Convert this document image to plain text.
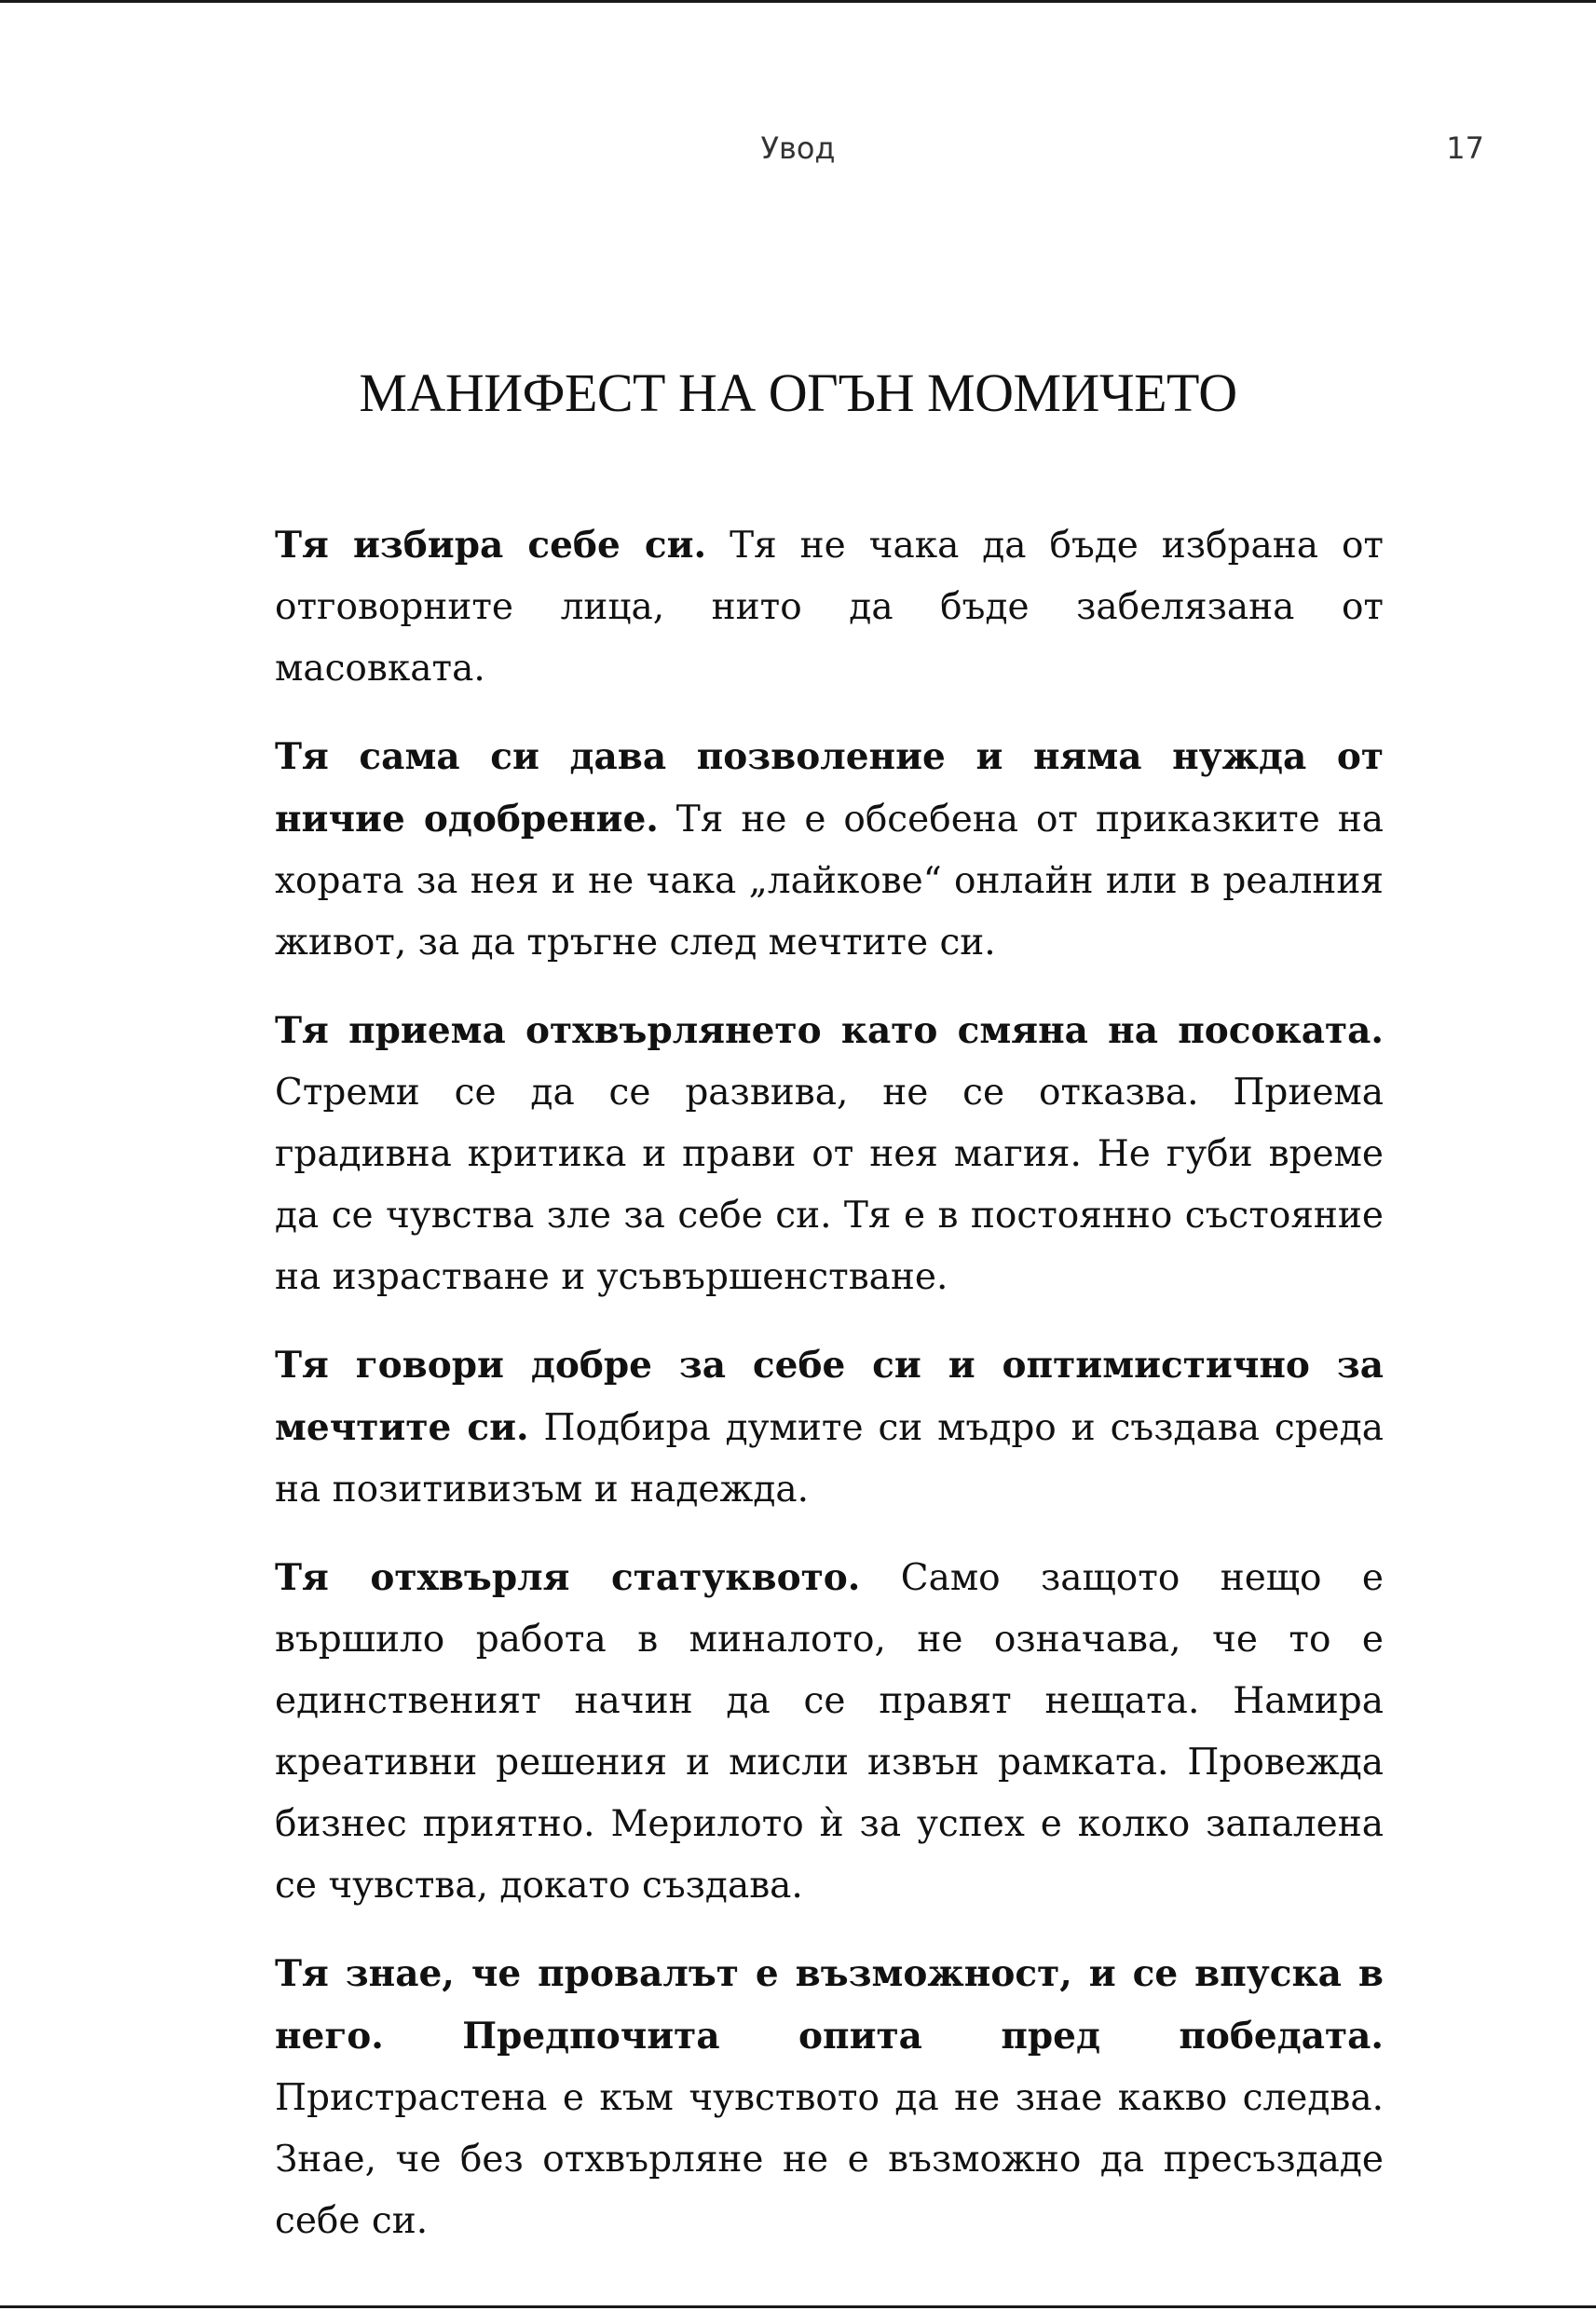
Увод	17
МАНИФЕСТ НА ОГЪН МОМИЧЕТО

Тя избира себе си. Тя не чака да бъде избрана от отговорните лица, нито да бъде забелязана от масовката.

Тя сама си дава позволение и няма нужда от ничие одобрение. Тя не е обсебена от приказките на хората за нея и не чака „лайкове“ онлайн или в реалния живот, за да тръгне след мечтите си.

Тя приема отхвърлянето като смяна на посоката. Стреми се да се развива, не се отказва. Приема градивна критика и прави от нея магия. Не губи време да се чувства зле за себе си. Тя е в постоянно състояние на израстване и усъвършенстване.

Тя говори добре за себе си и оптимистично за мечтите си. Подбира думите си мъдро и създава среда на позитивизъм и надежда.

Тя отхвърля статуквото. Само защото нещо е вършило работа в миналото, не означава, че то е единственият начин да се правят нещата. Намира креативни решения и мисли извън рамката. Провежда бизнес приятно. Мерилото ѝ за успех е колко запалена се чувства, докато създава.

Тя знае, че провалът е възможност, и се впуска в него. Предпочита опита пред победата. Пристрастена е към чувството да не знае какво следва. Знае, че без отхвърляне не е възможно да пресъздаде себе си.
